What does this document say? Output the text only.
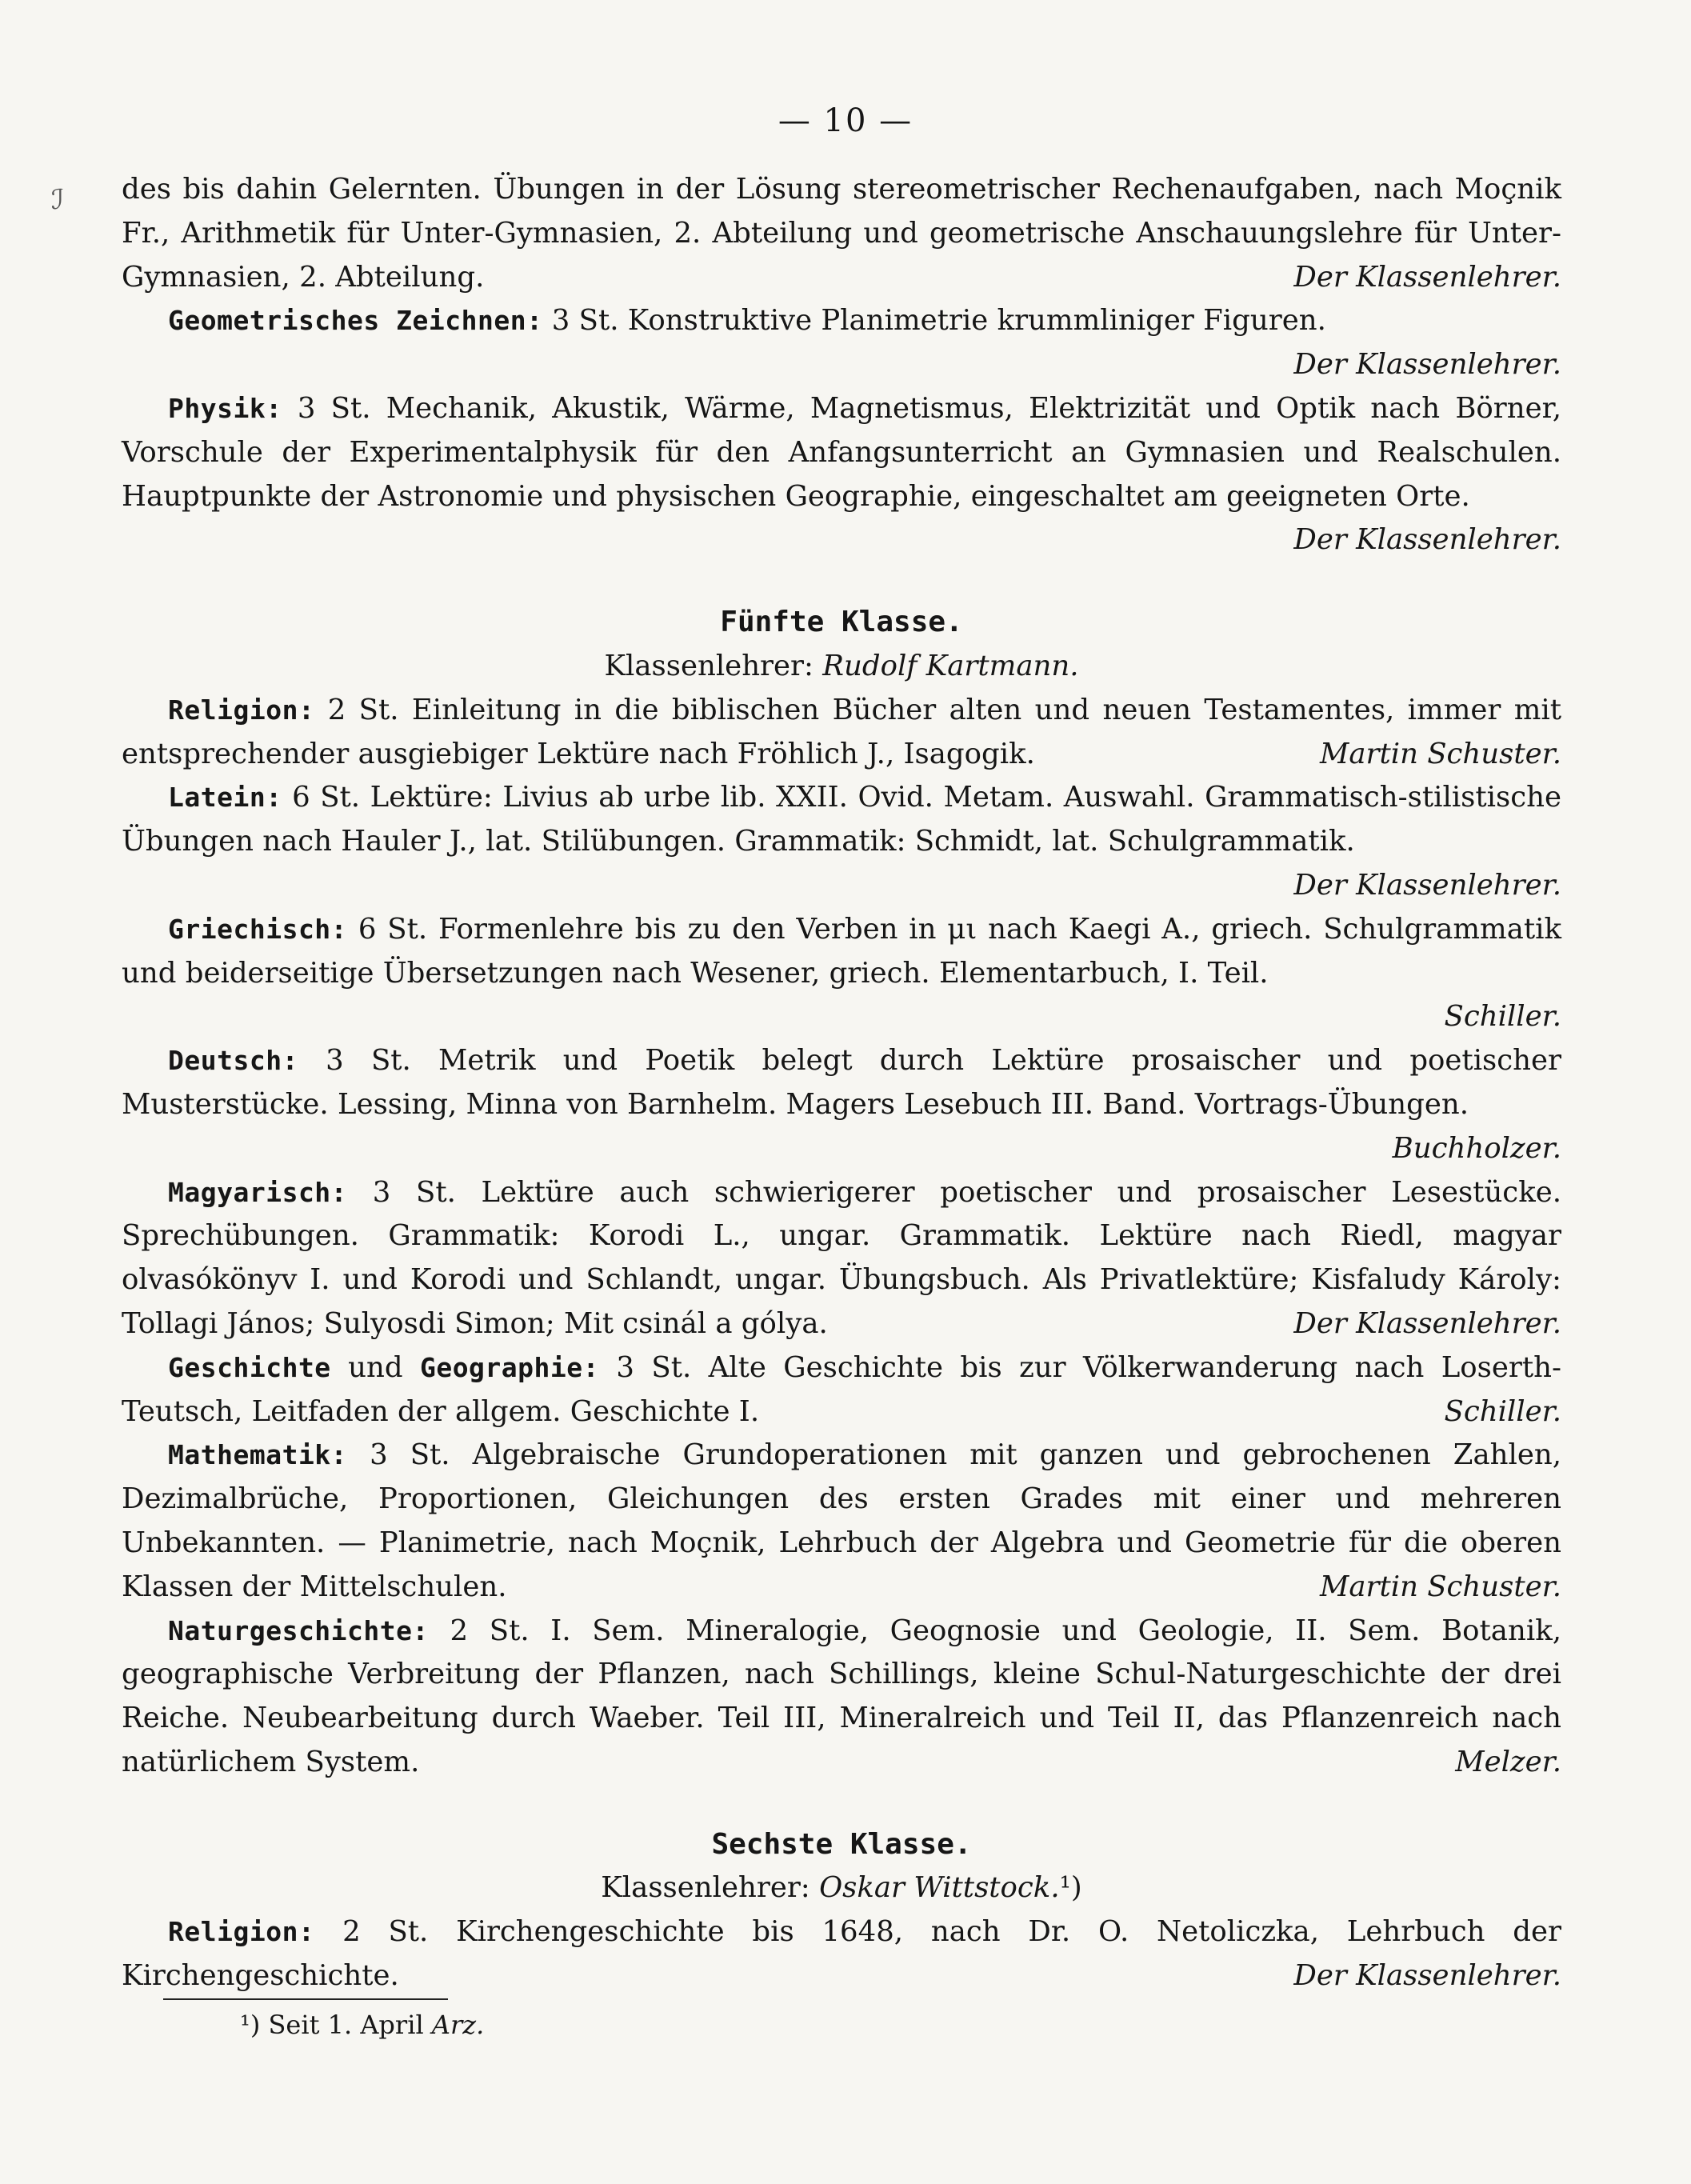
— 10 —
ℐ des bis dahin Gelernten. Übungen in der Lösung stereometrischer Rechenaufgaben, nach Moçnik Fr., Arithmetik für Unter-Gymnasien, 2. Abteilung und geometrische Anschauungslehre für Unter-Gymnasien, 2. Abteilung.	Der Klassenlehrer.
Geometrisches Zeichnen: 3 St. Konstruktive Planimetrie krummliniger Figuren.
Der Klassenlehrer.
Physik: 3 St. Mechanik, Akustik, Wärme, Magnetismus, Elektrizität und Optik nach Börner, Vorschule der Experimentalphysik für den Anfangsunterricht an Gymnasien und Realschulen. Hauptpunkte der Astronomie und physischen Geographie, eingeschaltet am geeigneten Orte.
Der Klassenlehrer.
Fünfte Klasse.
Klassenlehrer: Rudolf Kartmann.
Religion: 2 St. Einleitung in die biblischen Bücher alten und neuen Testamentes, immer mit entsprechender ausgiebiger Lektüre nach Fröhlich J., Isagogik.	Martin Schuster.
Latein: 6 St. Lektüre: Livius ab urbe lib. XXII. Ovid. Metam. Auswahl. Grammatisch-stilistische Übungen nach Hauler J., lat. Stilübungen. Grammatik: Schmidt, lat. Schulgrammatik.
Der Klassenlehrer.
Griechisch: 6 St. Formenlehre bis zu den Verben in μι nach Kaegi A., griech. Schulgrammatik und beiderseitige Übersetzungen nach Wesener, griech. Elementarbuch, I. Teil.
Schiller.
Deutsch: 3 St. Metrik und Poetik belegt durch Lektüre prosaischer und poetischer Musterstücke. Lessing, Minna von Barnhelm. Magers Lesebuch III. Band. Vortrags-Übungen.
Buchholzer.
Magyarisch: 3 St. Lektüre auch schwierigerer poetischer und prosaischer Lesestücke. Sprechübungen. Grammatik: Korodi L., ungar. Grammatik. Lektüre nach Riedl, magyar olvasókönyv I. und Korodi und Schlandt, ungar. Übungsbuch. Als Privatlektüre; Kisfaludy Károly: Tollagi János; Sulyosdi Simon; Mit csinál a gólya.	Der Klassenlehrer.
Geschichte und Geographie: 3 St. Alte Geschichte bis zur Völkerwanderung nach Loserth-Teutsch, Leitfaden der allgem. Geschichte I.	Schiller.
Mathematik: 3 St. Algebraische Grundoperationen mit ganzen und gebrochenen Zahlen, Dezimalbrüche, Proportionen, Gleichungen des ersten Grades mit einer und mehreren Unbekannten. — Planimetrie, nach Moçnik, Lehrbuch der Algebra und Geometrie für die oberen Klassen der Mittelschulen.	Martin Schuster.
Naturgeschichte: 2 St. I. Sem. Mineralogie, Geognosie und Geologie, II. Sem. Botanik, geographische Verbreitung der Pflanzen, nach Schillings, kleine Schul-Naturgeschichte der drei Reiche. Neubearbeitung durch Waeber. Teil III, Mineralreich und Teil II, das Pflanzenreich nach natürlichem System.	Melzer.
Sechste Klasse.
Klassenlehrer: Oskar Wittstock.¹)
Religion: 2 St. Kirchengeschichte bis 1648, nach Dr. O. Netoliczka, Lehrbuch der Kirchengeschichte.	Der Klassenlehrer.
¹) Seit 1. April Arz.
